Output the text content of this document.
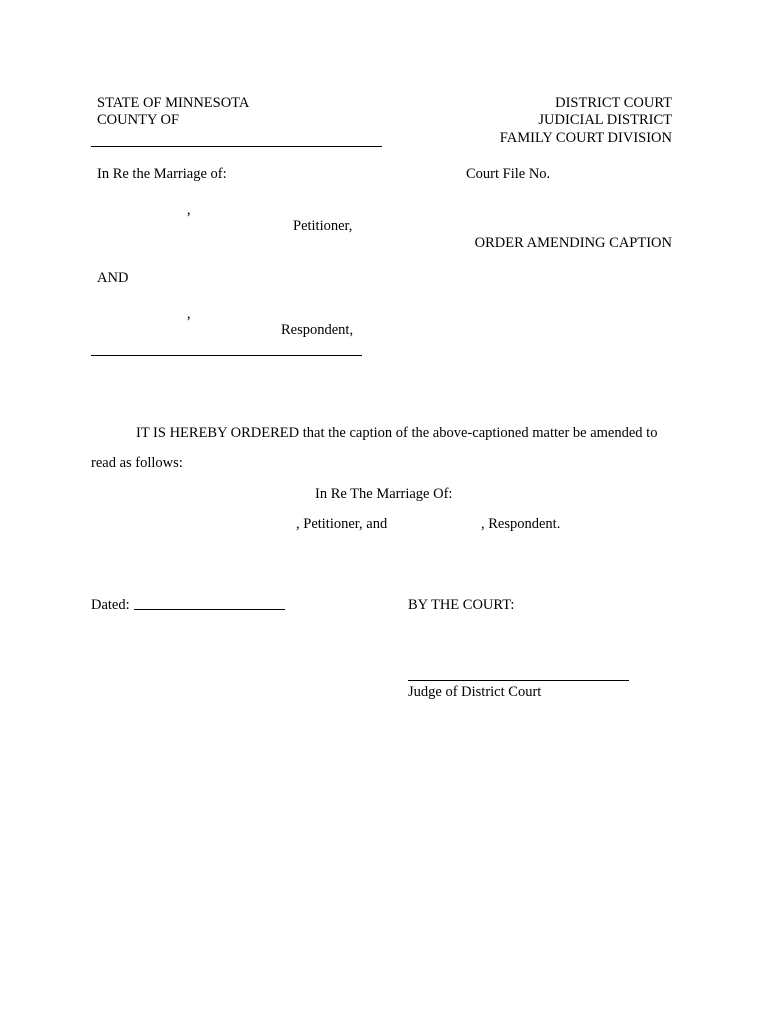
STATE OF MINNESOTA
COUNTY OF
DISTRICT COURT
JUDICIAL DISTRICT
FAMILY COURT DIVISION
In Re the Marriage of:	Court File No.
,
Petitioner,
ORDER AMENDING CAPTION
AND
,
Respondent,
IT IS HEREBY ORDERED that the caption of the above-captioned matter be amended to
read as follows:
In Re The Marriage Of:
, Petitioner, and	, Respondent.
Dated:	BY THE COURT:
Judge of District Court
